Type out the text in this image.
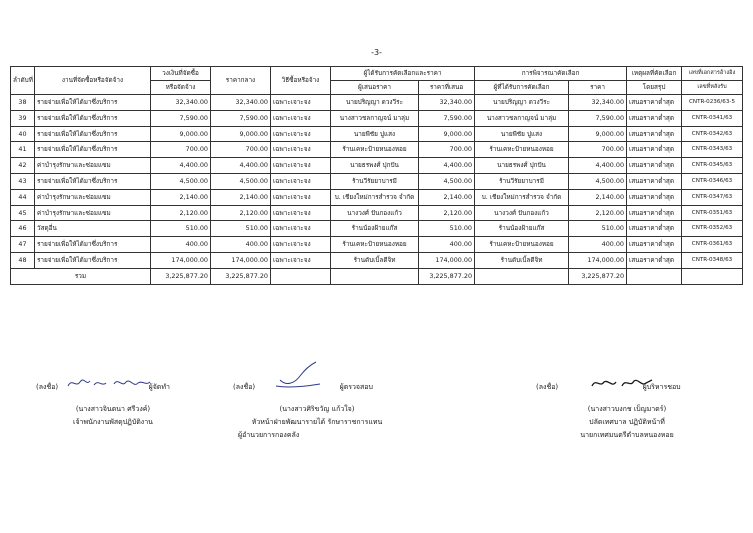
-3-
ลำดับที่	งานที่จัดซื้อหรือจัดจ้าง	วงเงินที่จัดซื้อ	ราคากลาง	วิธีซื้อหรือจ้าง	ผู้ได้รับการคัดเลือกและราคา		การพิจารณาคัดเลือก		เหตุผลที่คัดเลือก	เลขที่เอกสารอ้างอิง
		หรือจัดจ้าง			ผู้เสนอราคา	ราคาที่เสนอ	ผู้ที่ได้รับการคัดเลือก	ราคา	โดยสรุป	เลขที่หลังรับ
38	รายจ่ายเพื่อให้ได้มาซึ่งบริการ	32,340.00	32,340.00	เฉพาะเจาะจง	นายปริญญา ดวงวีระ	32,340.00	นายปริญญา ดวงวีระ	32,340.00	เสนอราคาต่ำสุด	CNTR-0236/63-5
39	รายจ่ายเพื่อให้ได้มาซึ่งบริการ	7,590.00	7,590.00	เฉพาะเจาะจง	นางสาวชลกาญจน์ มาลุ่ม	7,590.00	นางสาวชลกาญจน์ มาลุ่ม	7,590.00	เสนอราคาต่ำสุด	CNTR-0341/63
40	รายจ่ายเพื่อให้ได้มาซึ่งบริการ	9,000.00	9,000.00	เฉพาะเจาะจง	นายพีชัย ปูแสง	9,000.00	นายพีชัย ปูแสง	9,000.00	เสนอราคาต่ำสุด	CNTR-0342/63
41	รายจ่ายเพื่อให้ได้มาซึ่งบริการ	700.00	700.00	เฉพาะเจาะจง	ร้านเคหะป้ายหนองหอย	700.00	ร้านเคหะป้ายหนองหอย	700.00	เสนอราคาต่ำสุด	CNTR-0343/63
42	ค่าบำรุงรักษาและซ่อมแซม	4,400.00	4,400.00	เฉพาะเจาะจง	นายธรพงศ์ ปุกปัน	4,400.00	นายธรพงศ์ ปุกปัน	4,400.00	เสนอราคาต่ำสุด	CNTR-0345/63
43	รายจ่ายเพื่อให้ได้มาซึ่งบริการ	4,500.00	4,500.00	เฉพาะเจาะจง	ร้านวีรัยยาบารมี	4,500.00	ร้านวีรัยยาบารมี	4,500.00	เสนอราคาต่ำสุด	CNTR-0346/63
44	ค่าบำรุงรักษาและซ่อมแซม	2,140.00	2,140.00	เฉพาะเจาะจง	บ. เชียงใหม่การสำรวจ จำกัด	2,140.00	บ. เชียงใหม่การสำรวจ จำกัด	2,140.00	เสนอราคาต่ำสุด	CNTR-0347/63
45	ค่าบำรุงรักษาและซ่อมแซม	2,120.00	2,120.00	เฉพาะเจาะจง	นางวงศ์ ปันกองแก้ว	2,120.00	นางวงศ์ ปันกองแก้ว	2,120.00	เสนอราคาต่ำสุด	CNTR-0351/63
46	วัสดุอื่น	510.00	510.00	เฉพาะเจาะจง	ร้านน้องฝ้ายแก๊ส	510.00	ร้านน้องฝ้ายแก๊ส	510.00	เสนอราคาต่ำสุด	CNTR-0352/63
47	รายจ่ายเพื่อให้ได้มาซึ่งบริการ	400.00	400.00	เฉพาะเจาะจง	ร้านเคหะป้ายหนองหอย	400.00	ร้านเคหะป้ายหนองหอย	400.00	เสนอราคาต่ำสุด	CNTR-0361/63
48	รายจ่ายเพื่อให้ได้มาซึ่งบริการ	174,000.00	174,000.00	เฉพาะเจาะจง	ร้านดับเบิ้ลดีจิท	174,000.00	ร้านดับเบิ้ลดีจิท	174,000.00	เสนอราคาต่ำสุด	CNTR-0348/63
รวม		3,225,877.20	3,225,877.20			3,225,877.20		3,225,877.20		
(ลงชื่อ)	ผู้จัดทำ
(นางสาวจินตนา ศรีวงค์)
เจ้าพนักงานพัสดุปฏิบัติงาน
(ลงชื่อ)	ผู้ตรวจสอบ
(นางสาวศิริขวัญ แก้วใจ)
หัวหน้าฝ่ายพัฒนารายได้ รักษาราชการแทน
ผู้อำนวยการกองคลัง
(ลงชื่อ)	ผู้บริหารชอบ
(นางสาวบงกช เบ็ญมาตร์)
ปลัดเทศบาล ปฏิบัติหน้าที่
นายกเทศมนตรีตำบลหนองหอย
